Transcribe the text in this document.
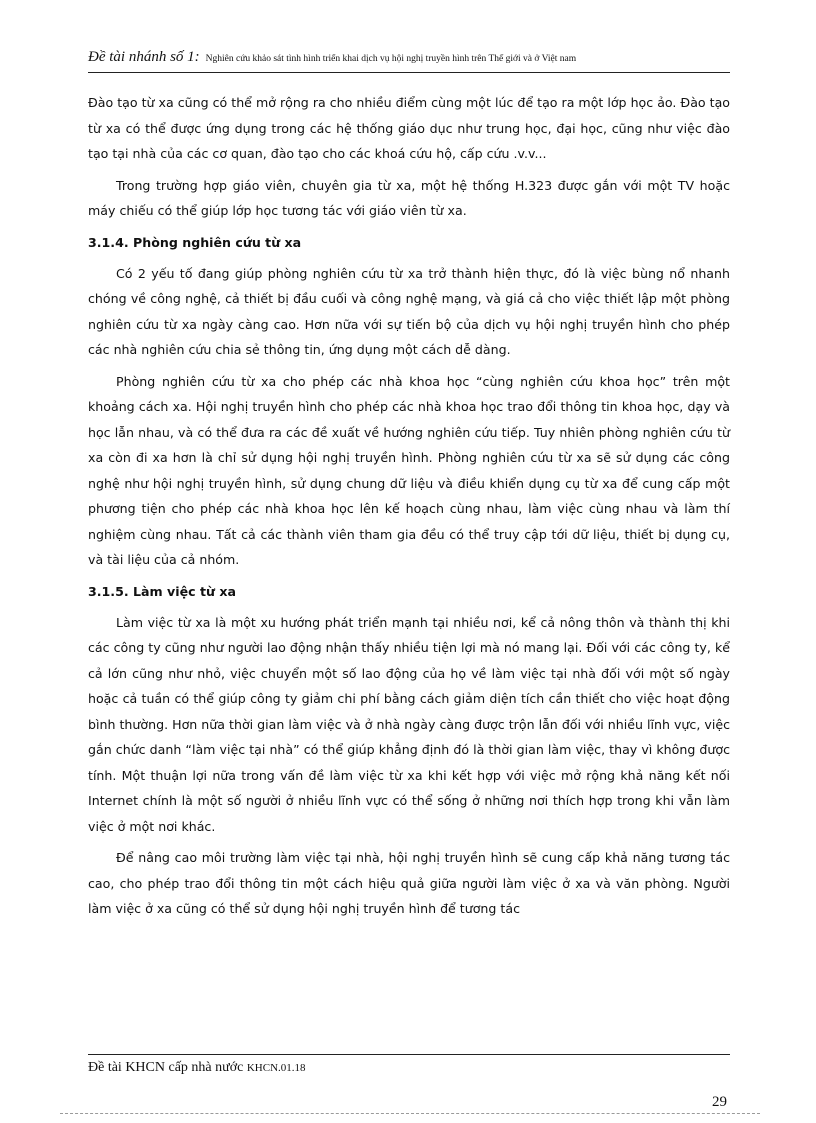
Đề tài nhánh số 1: Nghiên cứu khảo sát tình hình triển khai dịch vụ hội nghị truyền hình trên Thế giới và ở Việt nam

Đào tạo từ xa cũng có thể mở rộng ra cho nhiều điểm cùng một lúc để tạo ra một lớp học ảo. Đào tạo từ xa có thể được ứng dụng trong các hệ thống giáo dục như trung học, đại học, cũng như việc đào tạo tại nhà của các cơ quan, đào tạo cho các khoá cứu hộ, cấp cứu .v.v...

Trong trường hợp giáo viên, chuyên gia từ xa, một hệ thống H.323 được gắn với một TV hoặc máy chiếu có thể giúp lớp học tương tác với giáo viên từ xa.

3.1.4. Phòng nghiên cứu từ xa

Có 2 yếu tố đang giúp phòng nghiên cứu từ xa trở thành hiện thực, đó là việc bùng nổ nhanh chóng về công nghệ, cả thiết bị đầu cuối và công nghệ mạng, và giá cả cho việc thiết lập một phòng nghiên cứu từ xa ngày càng cao. Hơn nữa với sự tiến bộ của dịch vụ hội nghị truyền hình cho phép các nhà nghiên cứu chia sẻ thông tin, ứng dụng một cách dễ dàng.

Phòng nghiên cứu từ xa cho phép các nhà khoa học “cùng nghiên cứu khoa học” trên một khoảng cách xa. Hội nghị truyền hình cho phép các nhà khoa học trao đổi thông tin khoa học, dạy và học lẫn nhau, và có thể đưa ra các đề xuất về hướng nghiên cứu tiếp. Tuy nhiên phòng nghiên cứu từ xa còn đi xa hơn là chỉ sử dụng hội nghị truyền hình. Phòng nghiên cứu từ xa sẽ sử dụng các công nghệ như hội nghị truyền hình, sử dụng chung dữ liệu và điều khiển dụng cụ từ xa để cung cấp một phương tiện cho phép các nhà khoa học lên kế hoạch cùng nhau, làm việc cùng nhau và làm thí nghiệm cùng nhau. Tất cả các thành viên tham gia đều có thể truy cập tới dữ liệu, thiết bị dụng cụ, và tài liệu của cả nhóm.

3.1.5. Làm việc từ xa

Làm việc từ xa là một xu hướng phát triển mạnh tại nhiều nơi, kể cả nông thôn và thành thị khi các công ty cũng như người lao động nhận thấy nhiều tiện lợi mà nó mang lại. Đối với các công ty, kể cả lớn cũng như nhỏ, việc chuyển một số lao động của họ về làm việc tại nhà đối với một số ngày hoặc cả tuần có thể giúp công ty giảm chi phí bằng cách giảm diện tích cần thiết cho việc hoạt động bình thường. Hơn nữa thời gian làm việc và ở nhà ngày càng được trộn lẫn đối với nhiều lĩnh vực, việc gắn chức danh “làm việc tại nhà” có thể giúp khẳng định đó là thời gian làm việc, thay vì không được tính. Một thuận lợi nữa trong vấn đề làm việc từ xa khi kết hợp với việc mở rộng khả năng kết nối Internet chính là một số người ở nhiều lĩnh vực có thể sống ở những nơi thích hợp trong khi vẫn làm việc ở một nơi khác.

Để nâng cao môi trường làm việc tại nhà, hội nghị truyền hình sẽ cung cấp khả năng tương tác cao, cho phép trao đổi thông tin một cách hiệu quả giữa người làm việc ở xa và văn phòng. Người làm việc ở xa cũng có thể sử dụng hội nghị truyền hình để tương tác

Đề tài KHCN cấp nhà nước KHCN.01.18
29
